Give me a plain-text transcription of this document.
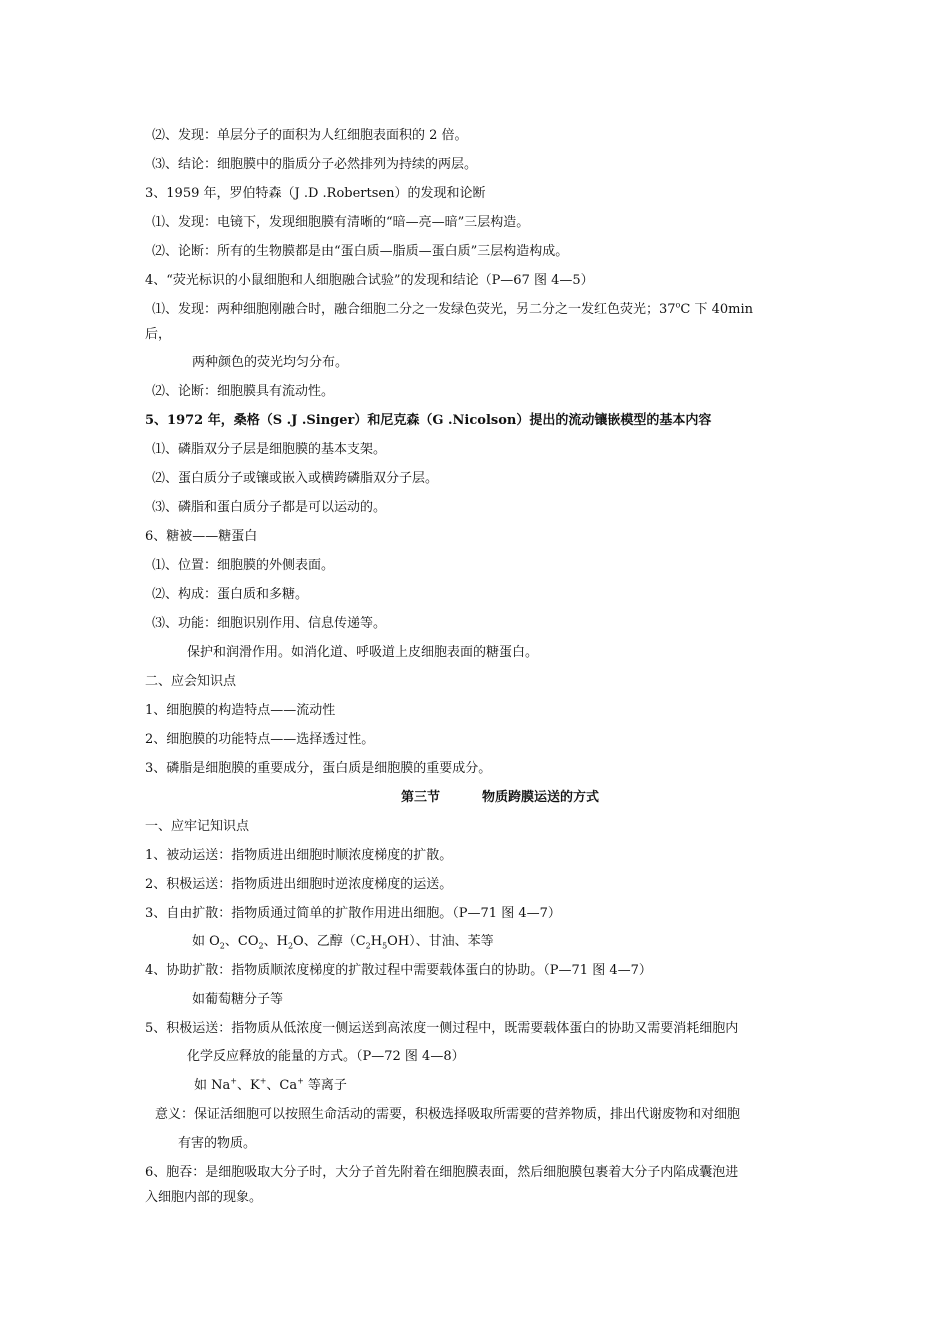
⑵、发现：单层分子的面积为人红细胞表面积的 2 倍。
⑶、结论：细胞膜中的脂质分子必然排列为持续的两层。
3、1959 年，罗伯特森（J .D .Robertsen）的发现和论断
⑴、发现：电镜下，发现细胞膜有清晰的“暗—亮—暗”三层构造。
⑵、论断：所有的生物膜都是由“蛋白质—脂质—蛋白质”三层构造构成。
4、“荧光标识的小鼠细胞和人细胞融合试验”的发现和结论（P—67 图 4—5）
⑴、发现：两种细胞刚融合时，融合细胞二分之一发绿色荧光，另二分之一发红色荧光；37$^o$C 下 40min
后，
两种颜色的荧光均匀分布。
⑵、论断：细胞膜具有流动性。
5、1972 年，桑格（S .J .Singer）和尼克森（G .Nicolson）提出的流动镶嵌模型的基本内容
⑴、磷脂双分子层是细胞膜的基本支架。
⑵、蛋白质分子或镶或嵌入或横跨磷脂双分子层。
⑶、磷脂和蛋白质分子都是可以运动的。
6、糖被——糖蛋白
⑴、位置：细胞膜的外侧表面。
⑵、构成：蛋白质和多糖。
⑶、功能：细胞识别作用、信息传递等。
保护和润滑作用。如消化道、呼吸道上皮细胞表面的糖蛋白。
二、应会知识点
1、细胞膜的构造特点——流动性
2、细胞膜的功能特点——选择透过性。
3、磷脂是细胞膜的重要成分，蛋白质是细胞膜的重要成分。
第三节	物质跨膜运送的方式
一、应牢记知识点
1、被动运送：指物质进出细胞时顺浓度梯度的扩散。
2、积极运送：指物质进出细胞时逆浓度梯度的运送。
3、自由扩散：指物质通过简单的扩散作用进出细胞。（P—71 图 4—7）
如 $O_2$、$CO_2$、$H_2O$、乙醇$(C_2H_5OH)$、甘油、苯等
4、协助扩散：指物质顺浓度梯度的扩散过程中需要载体蛋白的协助。（P—71 图 4—7）
如葡萄糖分子等
5、积极运送：指物质从低浓度一侧运送到高浓度一侧过程中，既需要载体蛋白的协助又需要消耗细胞内
化学反应释放的能量的方式。（P—72 图 4—8）
如 Na+、K+、Ca+ 等离子
意义：保证活细胞可以按照生命活动的需要，积极选择吸取所需要的营养物质，排出代谢废物和对细胞
有害的物质。
6、胞吞：是细胞吸取大分子时，大分子首先附着在细胞膜表面，然后细胞膜包裹着大分子内陷成囊泡进
入细胞内部的现象。
